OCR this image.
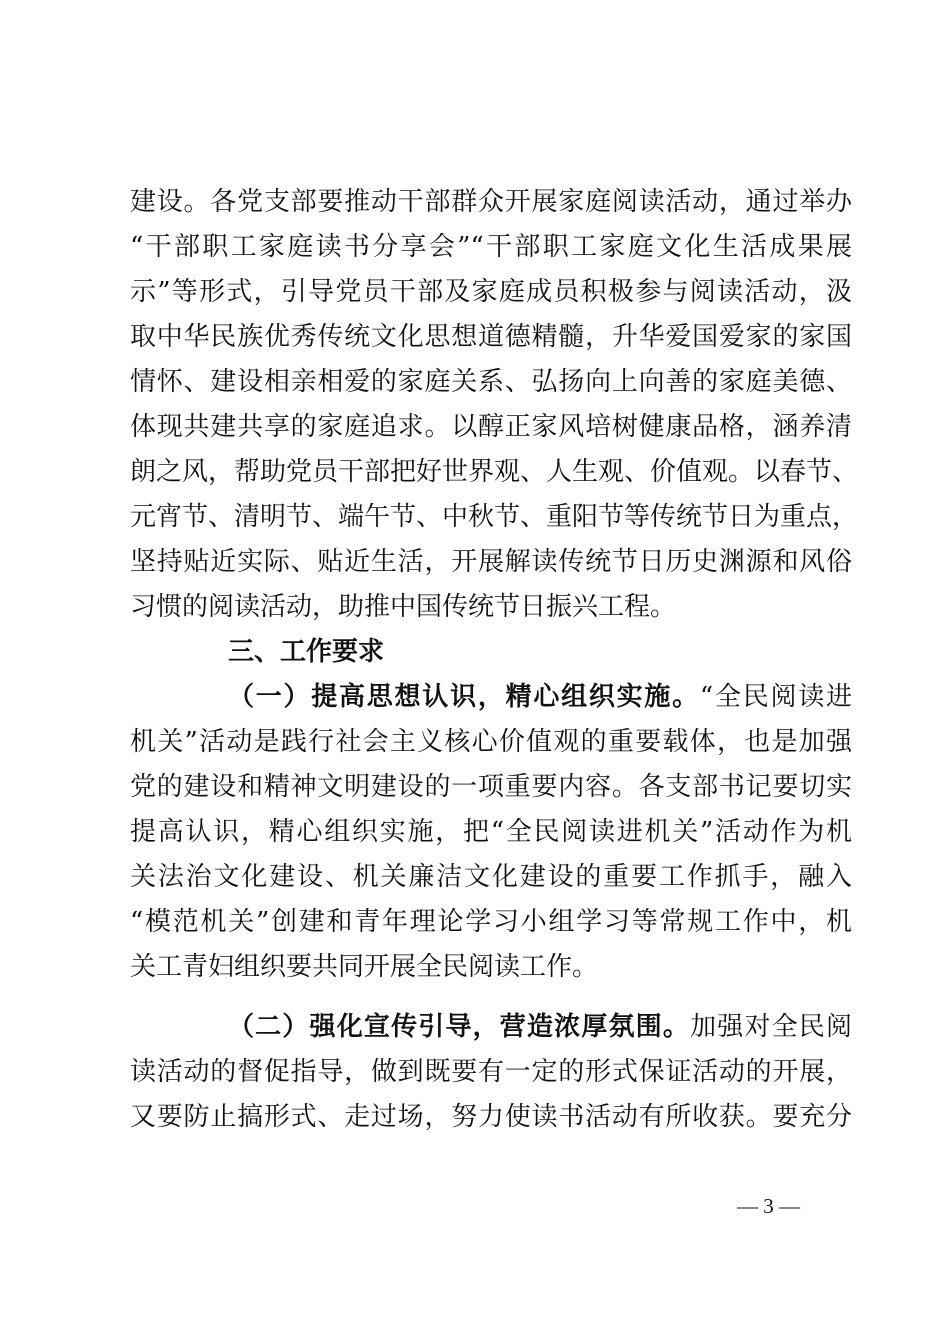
建设。各党支部要推动干部群众开展家庭阅读活动，通过举办
“干部职工家庭读书分享会”“干部职工家庭文化生活成果展
示”等形式，引导党员干部及家庭成员积极参与阅读活动，汲
取中华民族优秀传统文化思想道德精髓，升华爱国爱家的家国
情怀、建设相亲相爱的家庭关系、弘扬向上向善的家庭美德、
体现共建共享的家庭追求。以醇正家风培树健康品格，涵养清
朗之风，帮助党员干部把好世界观、人生观、价值观。以春节、
元宵节、清明节、端午节、中秋节、重阳节等传统节日为重点，
坚持贴近实际、贴近生活，开展解读传统节日历史渊源和风俗
习惯的阅读活动，助推中国传统节日振兴工程。
三、工作要求
（一）提高思想认识，精心组织实施。“全民阅读进
机关”活动是践行社会主义核心价值观的重要载体，也是加强
党的建设和精神文明建设的一项重要内容。各支部书记要切实
提高认识，精心组织实施，把“全民阅读进机关”活动作为机
关法治文化建设、机关廉洁文化建设的重要工作抓手，融入
“模范机关”创建和青年理论学习小组学习等常规工作中，机
关工青妇组织要共同开展全民阅读工作。
（二）强化宣传引导，营造浓厚氛围。加强对全民阅
读活动的督促指导，做到既要有一定的形式保证活动的开展，
又要防止搞形式、走过场，努力使读书活动有所收获。要充分
— 3 —
